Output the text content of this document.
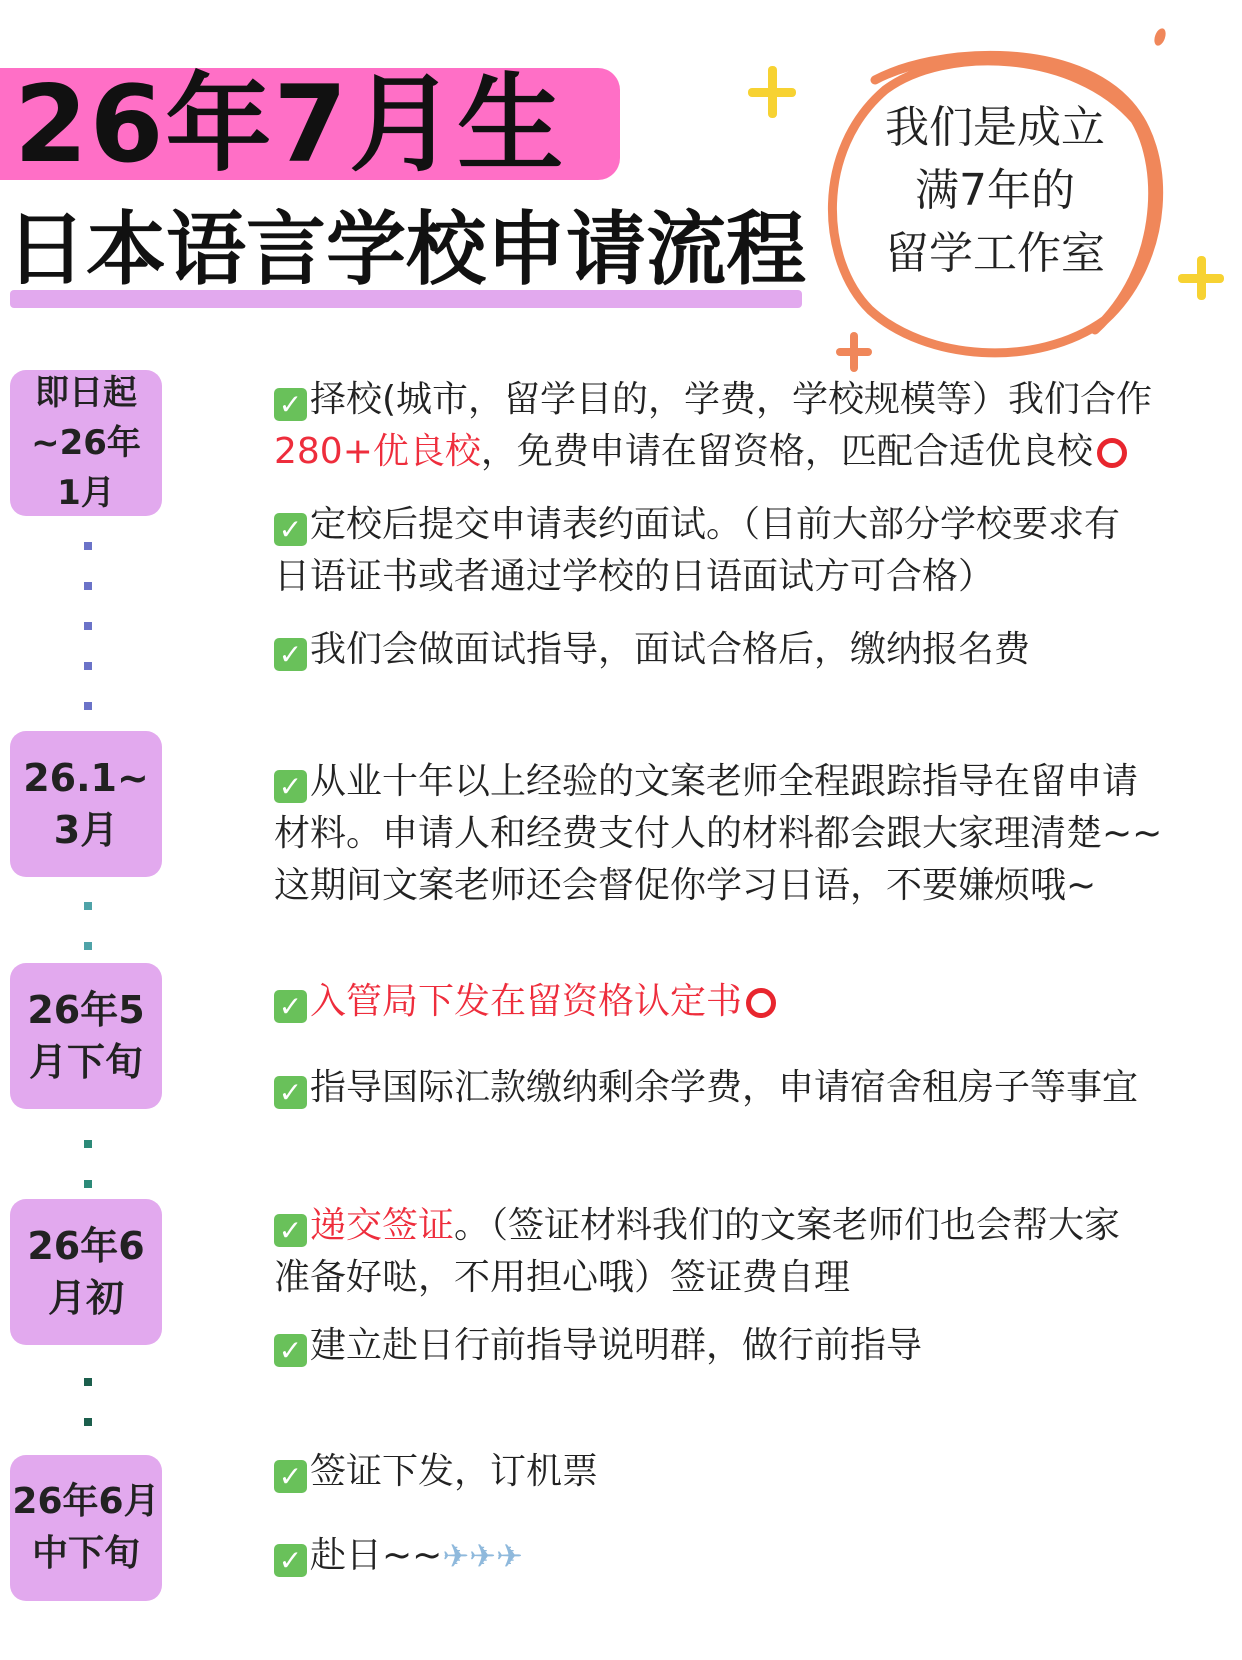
26年7月生
日本语言学校申请流程
我们是成立
满7年的
留学工作室
即日起
~26年
1月
26.1~
3月
26年5
月下旬
26年6
月初
26年6月
中下旬
✓ 择校(城市，留学目的，学费，学校规模等）我们合作
280+优良校，免费申请在留资格，匹配合适优良校
✓ 定校后提交申请表约面试。（目前大部分学校要求有
日语证书或者通过学校的日语面试方可合格）
✓ 我们会做面试指导，面试合格后，缴纳报名费
✓ 从业十年以上经验的文案老师全程跟踪指导在留申请
材料。申请人和经费支付人的材料都会跟大家理清楚~~
这期间文案老师还会督促你学习日语，不要嫌烦哦~
✓ 入管局下发在留资格认定书
✓ 指导国际汇款缴纳剩余学费，申请宿舍租房子等事宜
✓ 递交签证。（签证材料我们的文案老师们也会帮大家
准备好哒，不用担心哦）签证费自理
✓ 建立赴日行前指导说明群，做行前指导
✓ 签证下发，订机票
✓ 赴日~~✈✈✈
